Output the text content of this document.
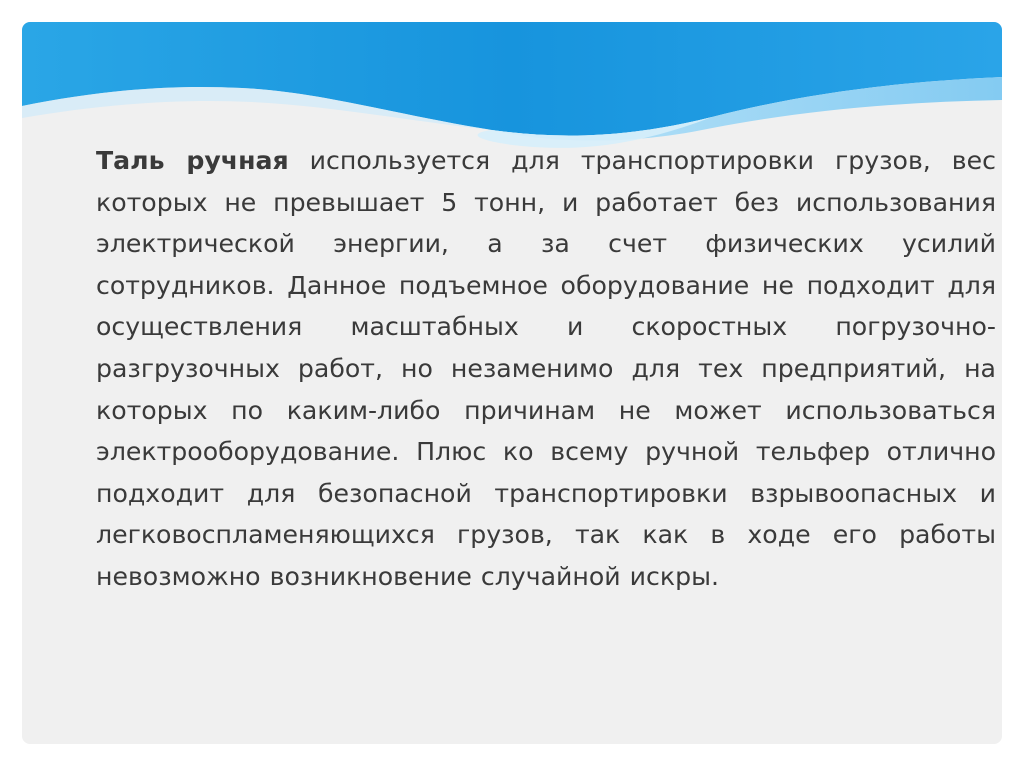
Таль ручная используется для транспортировки грузов, вес которых не превышает 5 тонн, и работает без использования электрической энергии, а за счет физических усилий сотрудников. Данное подъемное оборудование не подходит для осуществления масштабных и скоростных погрузочно-разгрузочных работ, но незаменимо для тех предприятий, на которых по каким-либо причинам не может использоваться электрооборудование. Плюс ко всему ручной тельфер отлично подходит для безопасной транспортировки взрывоопасных и легковоспламеняющихся грузов, так как в ходе его работы невозможно возникновение случайной искры.
